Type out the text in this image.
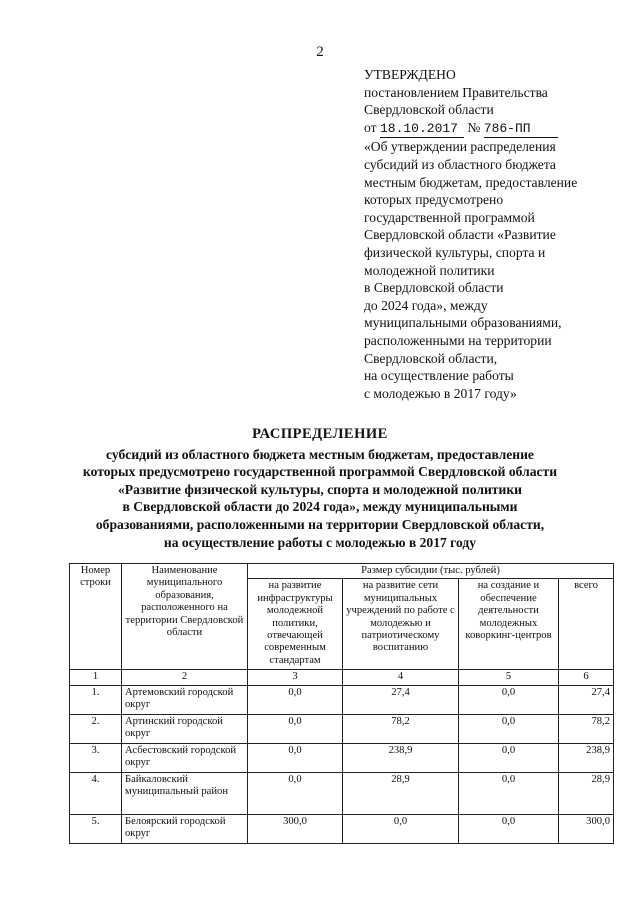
2
УТВЕРЖДЕНО
постановлением Правительства
Свердловской области
от 18.10.2017 № 786-ПП
«Об утверждении распределения
субсидий из областного бюджета
местным бюджетам, предоставление
которых предусмотрено
государственной программой
Свердловской области «Развитие
физической культуры, спорта и
молодежной политики
в Свердловской области
до 2024 года», между
муниципальными образованиями,
расположенными на территории
Свердловской области,
на осуществление работы
с молодежью в 2017 году»
РАСПРЕДЕЛЕНИЕ
субсидий из областного бюджета местным бюджетам, предоставление
которых предусмотрено государственной программой Свердловской области
«Развитие физической культуры, спорта и молодежной политики
в Свердловской области до 2024 года», между муниципальными
образованиями, расположенными на территории Свердловской области,
на осуществление работы с молодежью в 2017 году
Номер строки	Наименование муниципального образования, расположенного на территории Свердловской области	Размер субсидии (тыс. рублей)			
		на развитие инфраструктуры молодежной политики, отвечающей современным стандартам	на развитие сети муниципальных учреждений по работе с молодежью и патриотическому воспитанию	на создание и обеспечение деятельности молодежных коворкинг-центров	всего
1	2	3	4	5	6
1.	Артемовский городской округ	0,0	27,4	0,0	27,4
2.	Артинский городской округ	0,0	78,2	0,0	78,2
3.	Асбестовский городской округ	0,0	238,9	0,0	238,9
4.	Байкаловский муниципальный район	0,0	28,9	0,0	28,9
5.	Белоярский городской округ	300,0	0,0	0,0	300,0
